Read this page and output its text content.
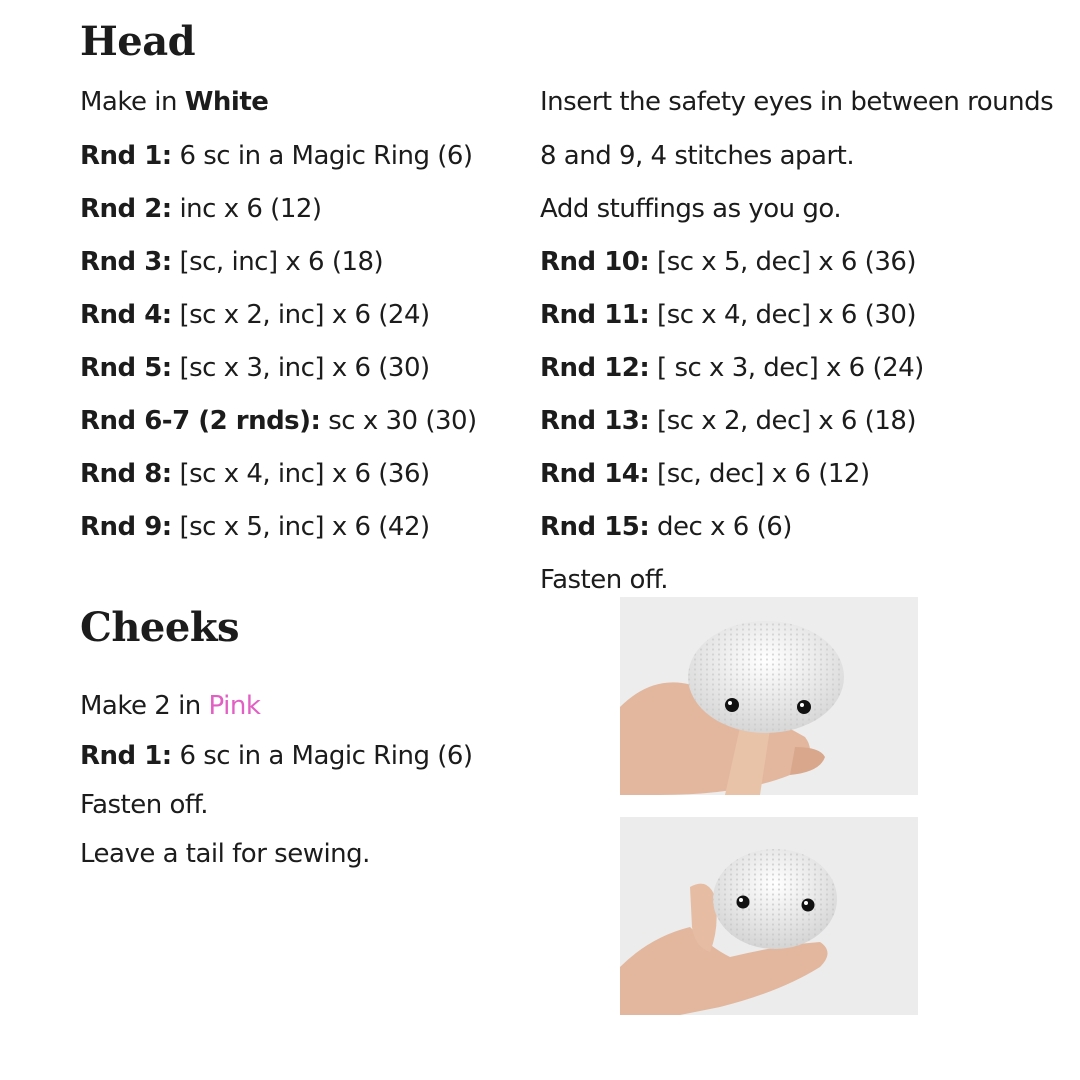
Head
Make in White
Rnd 1: 6 sc in a Magic Ring (6)
Rnd 2: inc x 6 (12)
Rnd 3: [sc, inc] x 6 (18)
Rnd 4: [sc x 2, inc] x 6 (24)
Rnd 5: [sc x 3, inc] x 6 (30)
Rnd 6-7 (2 rnds): sc x 30 (30)
Rnd 8: [sc x 4, inc] x 6 (36)
Rnd 9: [sc x 5, inc] x 6 (42)
Insert the safety eyes in between rounds
8 and 9, 4 stitches apart.
Add stuffings as you go.
Rnd 10: [sc x 5, dec] x 6 (36)
Rnd 11: [sc x 4, dec] x 6 (30)
Rnd 12: [ sc x 3, dec] x 6 (24)
Rnd 13: [sc x 2, dec] x 6 (18)
Rnd 14: [sc, dec] x 6 (12)
Rnd 15: dec x 6 (6)
Fasten off.
Cheeks
Make 2 in Pink
Rnd 1: 6 sc in a Magic Ring (6)
Fasten off.
Leave a tail for sewing.
